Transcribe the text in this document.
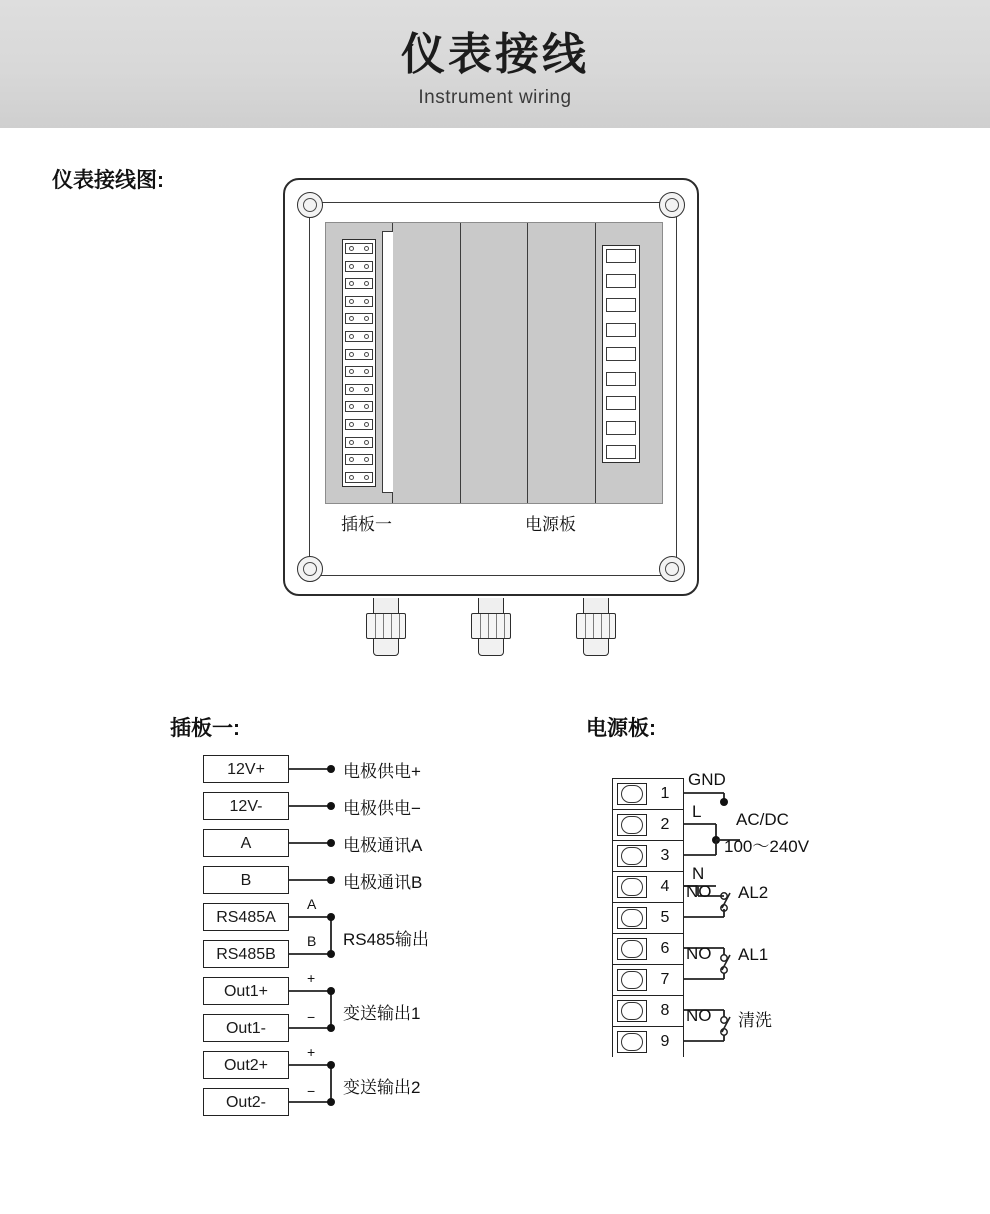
仪表接线
Instrument wiring
仪表接线图:
插板一:	电源板:
插板一	电源板
12V+
12V-
A
B
RS485A
RS485B
Out1+
Out1-
Out2+
Out2-
电极供电+
电极供电−
电极通讯A
电极通讯B
RS485输出
变送输出1
变送输出2
A
B
+
−
+
−
1
2
3
4
5
6
7
8
9
GND
L
N
AC/DC
100～240V
NO AL2
NO AL1
NO 清洗
